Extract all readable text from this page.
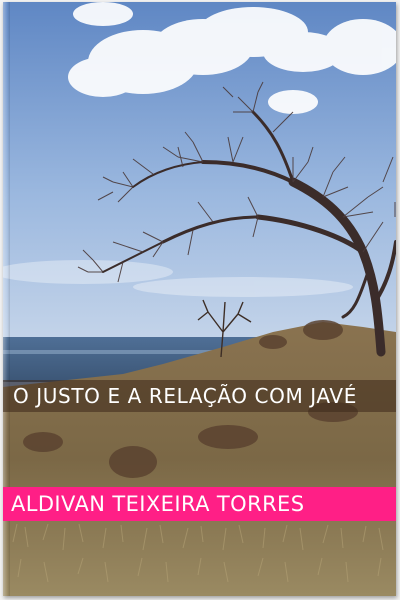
O JUSTO E A RELAÇÃO COM JAVÉ
ALDIVAN TEIXEIRA TORRES
